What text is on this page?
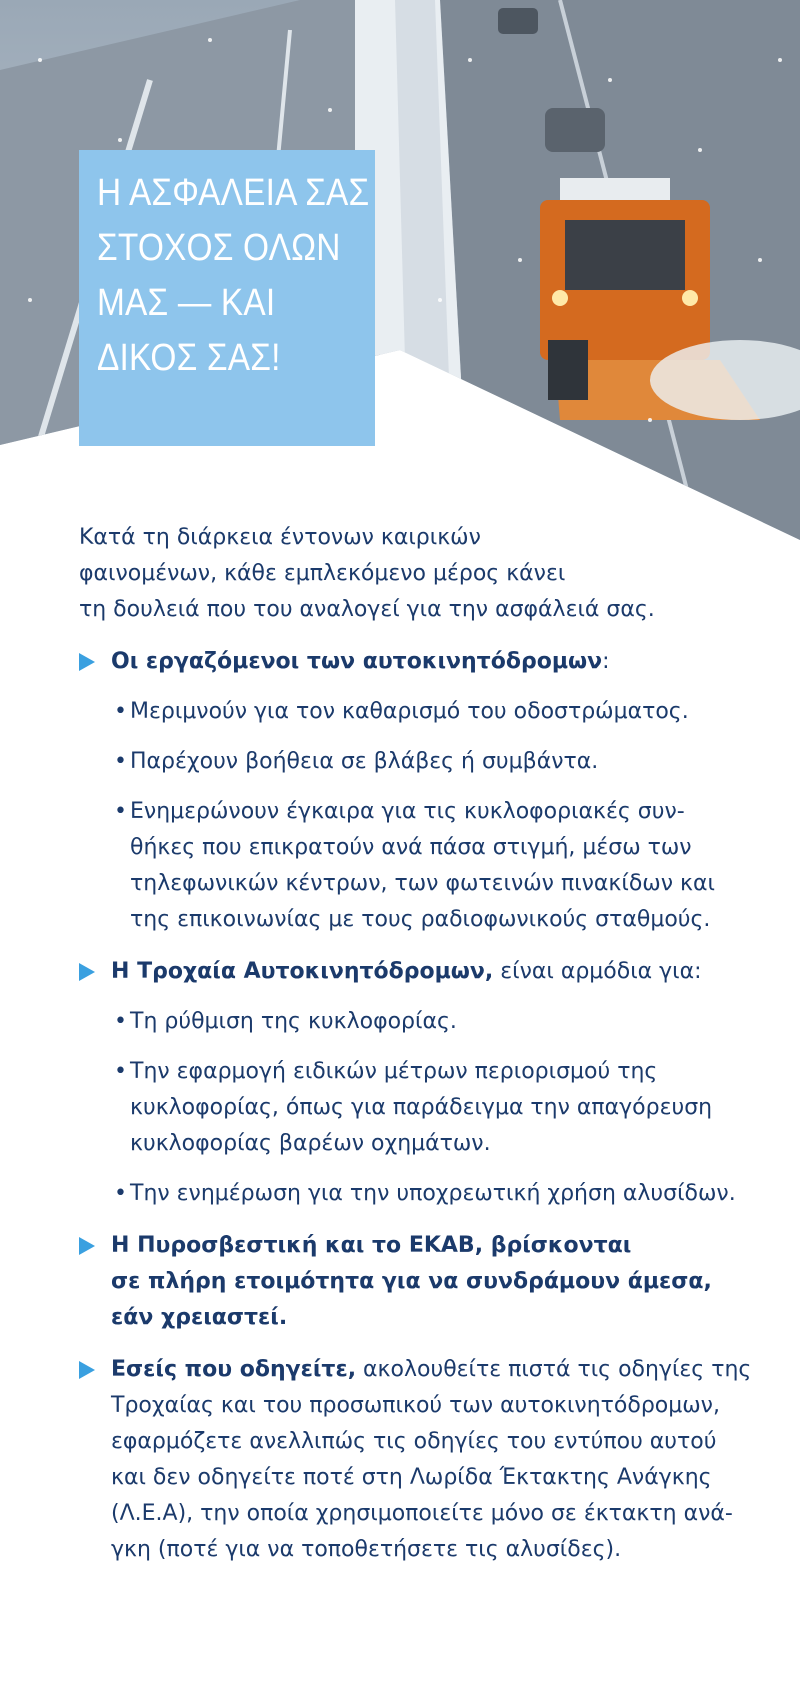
Η ΑΣΦΑΛΕΙΑ ΣΑΣ
ΣΤΟΧΟΣ ΟΛΩΝ
ΜΑΣ — ΚΑΙ
ΔΙΚΟΣ ΣΑΣ!

Κατά τη διάρκεια έντονων καιρικών
φαινομένων, κάθε εμπλεκόμενο μέρος κάνει
τη δουλειά που του αναλογεί για την ασφάλειά σας.

Οι εργαζόμενοι των αυτοκινητόδρομων:
• Μεριμνούν για τον καθαρισμό του οδοστρώματος.
• Παρέχουν βοήθεια σε βλάβες ή συμβάντα.
• Ενημερώνουν έγκαιρα για τις κυκλοφοριακές συν-
θήκες που επικρατούν ανά πάσα στιγμή, μέσω των
τηλεφωνικών κέντρων, των φωτεινών πινακίδων και
της επικοινωνίας με τους ραδιοφωνικούς σταθμούς.
Η Τροχαία Αυτοκινητόδρομων, είναι αρμόδια για:
• Τη ρύθμιση της κυκλοφορίας.
• Την εφαρμογή ειδικών μέτρων περιορισμού της
κυκλοφορίας, όπως για παράδειγμα την απαγόρευση
κυκλοφορίας βαρέων οχημάτων.
• Την ενημέρωση για την υποχρεωτική χρήση αλυσίδων.
Η Πυροσβεστική και το ΕΚΑΒ, βρίσκονται
σε πλήρη ετοιμότητα για να συνδράμουν άμεσα,
εάν χρειαστεί.
Εσείς που οδηγείτε, ακολουθείτε πιστά τις οδηγίες της
Τροχαίας και του προσωπικού των αυτοκινητόδρομων,
εφαρμόζετε ανελλιπώς τις οδηγίες του εντύπου αυτού
και δεν οδηγείτε ποτέ στη Λωρίδα Έκτακτης Ανάγκης
(Λ.Ε.Α), την οποία χρησιμοποιείτε μόνο σε έκτακτη ανά-
γκη (ποτέ για να τοποθετήσετε τις αλυσίδες).
